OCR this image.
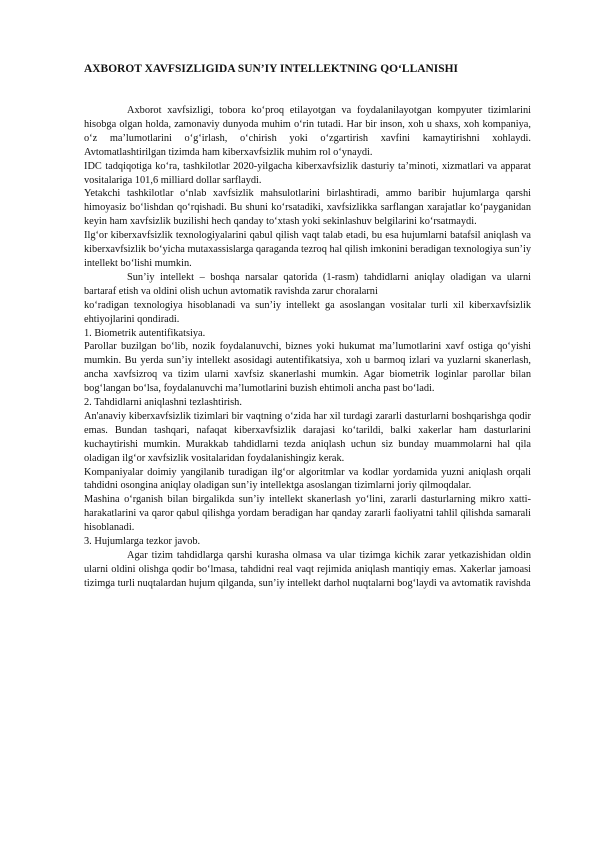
AXBOROT XAVFSIZLIGIDA SUN’IY INTELLEKTNING QO‘LLANISHI

Axborot xavfsizligi, tobora ko‘proq etilayotgan va foydalanilayotgan kompyuter tizimlarini hisobga olgan holda, zamonaviy dunyoda muhim o‘rin tutadi. Har bir inson, xoh u shaxs, xoh kompaniya, o‘z ma’lumotlarini o‘g‘irlash, o‘chirish yoki o‘zgartirish xavfini kamaytirishni xohlaydi. Avtomatlashtirilgan tizimda ham kiberxavfsizlik muhim rol o‘ynaydi.

IDC tadqiqotiga ko‘ra, tashkilotlar 2020-yilgacha kiberxavfsizlik dasturiy ta’minoti, xizmatlari va apparat vositalariga 101,6 milliard dollar sarflaydi.

Yetakchi tashkilotlar o‘nlab xavfsizlik mahsulotlarini birlashtiradi, ammo baribir hujumlarga qarshi himoyasiz bo‘lishdan qo‘rqishadi. Bu shuni ko‘rsatadiki, xavfsizlikka sarflangan xarajatlar ko‘payganidan keyin ham xavfsizlik buzilishi hech qanday to‘xtash yoki sekinlashuv belgilarini ko‘rsatmaydi.

Ilg‘or kiberxavfsizlik texnologiyalarini qabul qilish vaqt talab etadi, bu esa hujumlarni batafsil aniqlash va kiberxavfsizlik bo‘yicha mutaxassislarga qaraganda tezroq hal qilish imkonini beradigan texnologiya sun’iy intellekt bo‘lishi mumkin.

Sun’iy intellekt – boshqa narsalar qatorida (1-rasm) tahdidlarni aniqlay oladigan va ularni bartaraf etish va oldini olish uchun avtomatik ravishda zarur choralarni

ko‘radigan texnologiya hisoblanadi va sun’iy intellekt ga asoslangan vositalar turli xil kiberxavfsizlik ehtiyojlarini qondiradi.

1. Biometrik autentifikatsiya.

Parollar buzilgan bo‘lib, nozik foydalanuvchi, biznes yoki hukumat ma’lumotlarini xavf ostiga qo‘yishi mumkin. Bu yerda sun’iy intellekt asosidagi autentifikatsiya, xoh u barmoq izlari va yuzlarni skanerlash, ancha xavfsizroq va tizim ularni xavfsiz skanerlashi mumkin. Agar biometrik loginlar parollar bilan bog‘langan bo‘lsa, foydalanuvchi ma’lumotlarini buzish ehtimoli ancha past bo‘ladi.

2. Tahdidlarni aniqlashni tezlashtirish.

An'anaviy kiberxavfsizlik tizimlari bir vaqtning o‘zida har xil turdagi zararli dasturlarni boshqarishga qodir emas. Bundan tashqari, nafaqat kiberxavfsizlik darajasi ko‘tarildi, balki xakerlar ham dasturlarini kuchaytirishi mumkin. Murakkab tahdidlarni tezda aniqlash uchun siz bunday muammolarni hal qila oladigan ilg‘or xavfsizlik vositalaridan foydalanishingiz kerak.

Kompaniyalar doimiy yangilanib turadigan ilg‘or algoritmlar va kodlar yordamida yuzni aniqlash orqali tahdidni osongina aniqlay oladigan sun’iy intellektga asoslangan tizimlarni joriy qilmoqdalar.

Mashina o‘rganish bilan birgalikda sun’iy intellekt skanerlash yo‘lini, zararli dasturlarning mikro xatti-harakatlarini va qaror qabul qilishga yordam beradigan har qanday zararli faoliyatni tahlil qilishda samarali hisoblanadi.

3. Hujumlarga tezkor javob.

Agar tizim tahdidlarga qarshi kurasha olmasa va ular tizimga kichik zarar yetkazishidan oldin ularni oldini olishga qodir bo‘lmasa, tahdidni real vaqt rejimida aniqlash mantiqiy emas. Xakerlar jamoasi tizimga turli nuqtalardan hujum qilganda, sun’iy intellekt darhol nuqtalarni bog‘laydi va avtomatik ravishda
